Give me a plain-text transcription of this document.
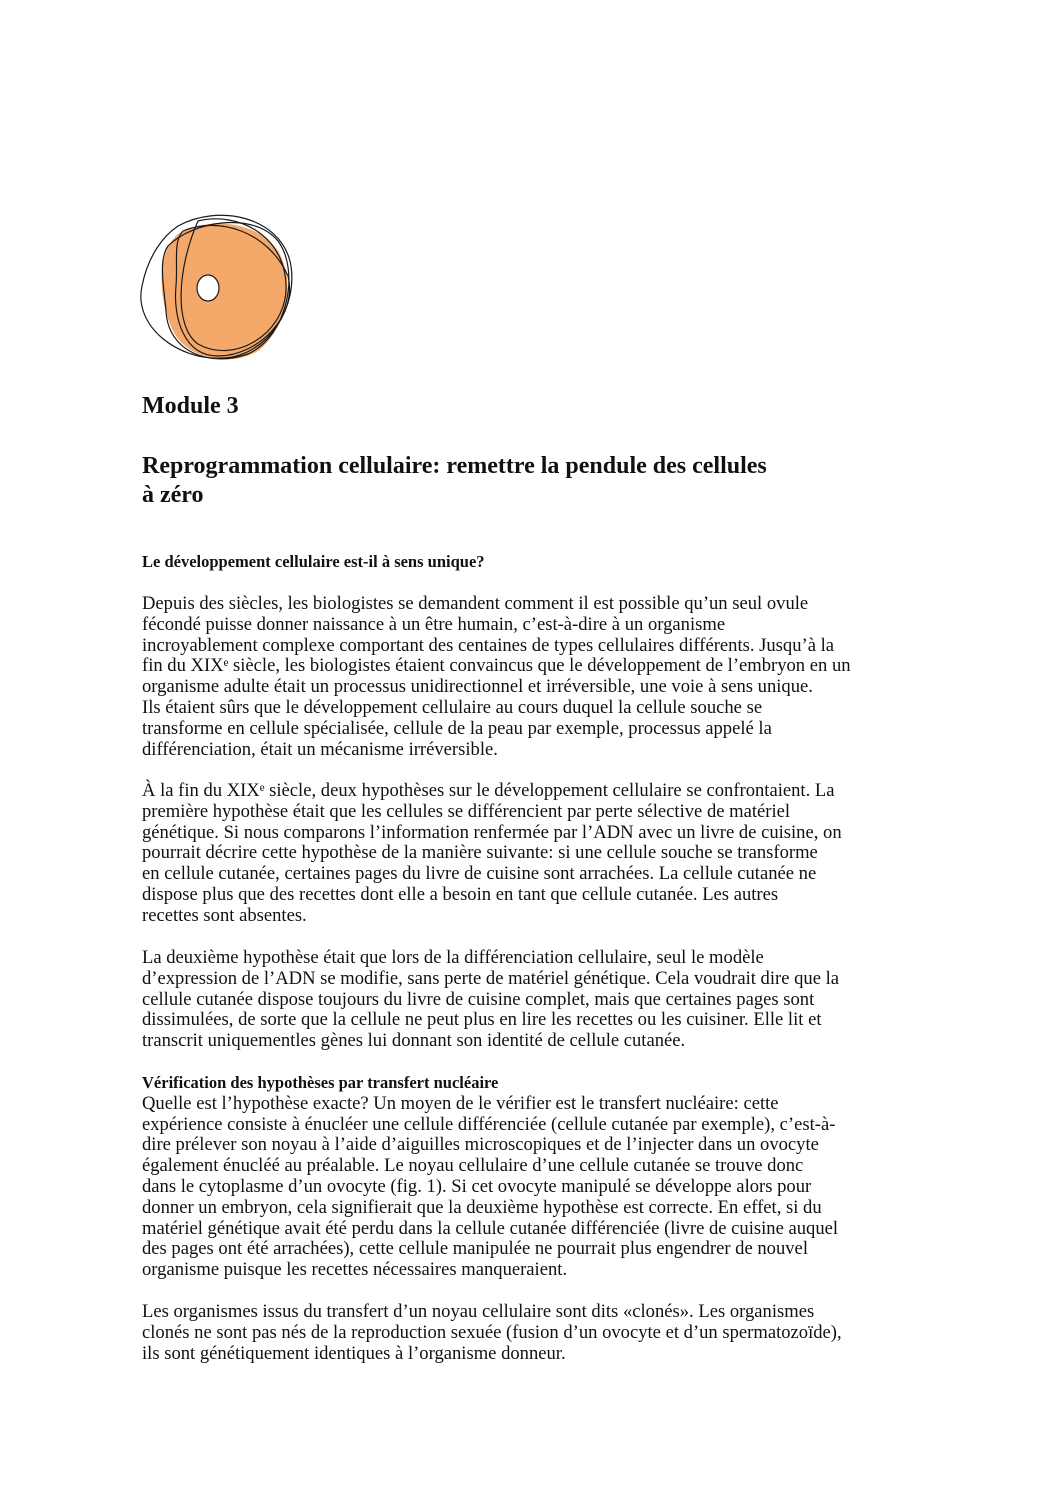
Module 3
Reprogrammation cellulaire: remettre la pendule des cellules
à zéro
Le développement cellulaire est-il à sens unique?
Depuis des siècles, les biologistes se demandent comment il est possible qu’un seul ovule
fécondé puisse donner naissance à un être humain, c’est-à-dire à un organisme
incroyablement complexe comportant des centaines de types cellulaires différents. Jusqu’à la
fin du XIXᵉ siècle, les biologistes étaient convaincus que le développement de l’embryon en un
organisme adulte était un processus unidirectionnel et irréversible, une voie à sens unique.
Ils étaient sûrs que le développement cellulaire au cours duquel la cellule souche se
transforme en cellule spécialisée, cellule de la peau par exemple, processus appelé la
différenciation, était un mécanisme irréversible.
À la fin du XIXᵉ siècle, deux hypothèses sur le développement cellulaire se confrontaient. La
première hypothèse était que les cellules se différencient par perte sélective de matériel
génétique. Si nous comparons l’information renfermée par l’ADN avec un livre de cuisine, on
pourrait décrire cette hypothèse de la manière suivante: si une cellule souche se transforme
en cellule cutanée, certaines pages du livre de cuisine sont arrachées. La cellule cutanée ne
dispose plus que des recettes dont elle a besoin en tant que cellule cutanée. Les autres
recettes sont absentes.
La deuxième hypothèse était que lors de la différenciation cellulaire, seul le modèle
d’expression de l’ADN se modifie, sans perte de matériel génétique. Cela voudrait dire que la
cellule cutanée dispose toujours du livre de cuisine complet, mais que certaines pages sont
dissimulées, de sorte que la cellule ne peut plus en lire les recettes ou les cuisiner. Elle lit et
transcrit uniquementles gènes lui donnant son identité de cellule cutanée.
Vérification des hypothèses par transfert nucléaire
Quelle est l’hypothèse exacte? Un moyen de le vérifier est le transfert nucléaire: cette
expérience consiste à énucléer une cellule différenciée (cellule cutanée par exemple), c’est-à-
dire prélever son noyau à l’aide d’aiguilles microscopiques et de l’injecter dans un ovocyte
également énucléé au préalable. Le noyau cellulaire d’une cellule cutanée se trouve donc
dans le cytoplasme d’un ovocyte (fig. 1). Si cet ovocyte manipulé se développe alors pour
donner un embryon, cela signifierait que la deuxième hypothèse est correcte. En effet, si du
matériel génétique avait été perdu dans la cellule cutanée différenciée (livre de cuisine auquel
des pages ont été arrachées), cette cellule manipulée ne pourrait plus engendrer de nouvel
organisme puisque les recettes nécessaires manqueraient.
Les organismes issus du transfert d’un noyau cellulaire sont dits «clonés». Les organismes
clonés ne sont pas nés de la reproduction sexuée (fusion d’un ovocyte et d’un spermatozoïde),
ils sont génétiquement identiques à l’organisme donneur.
